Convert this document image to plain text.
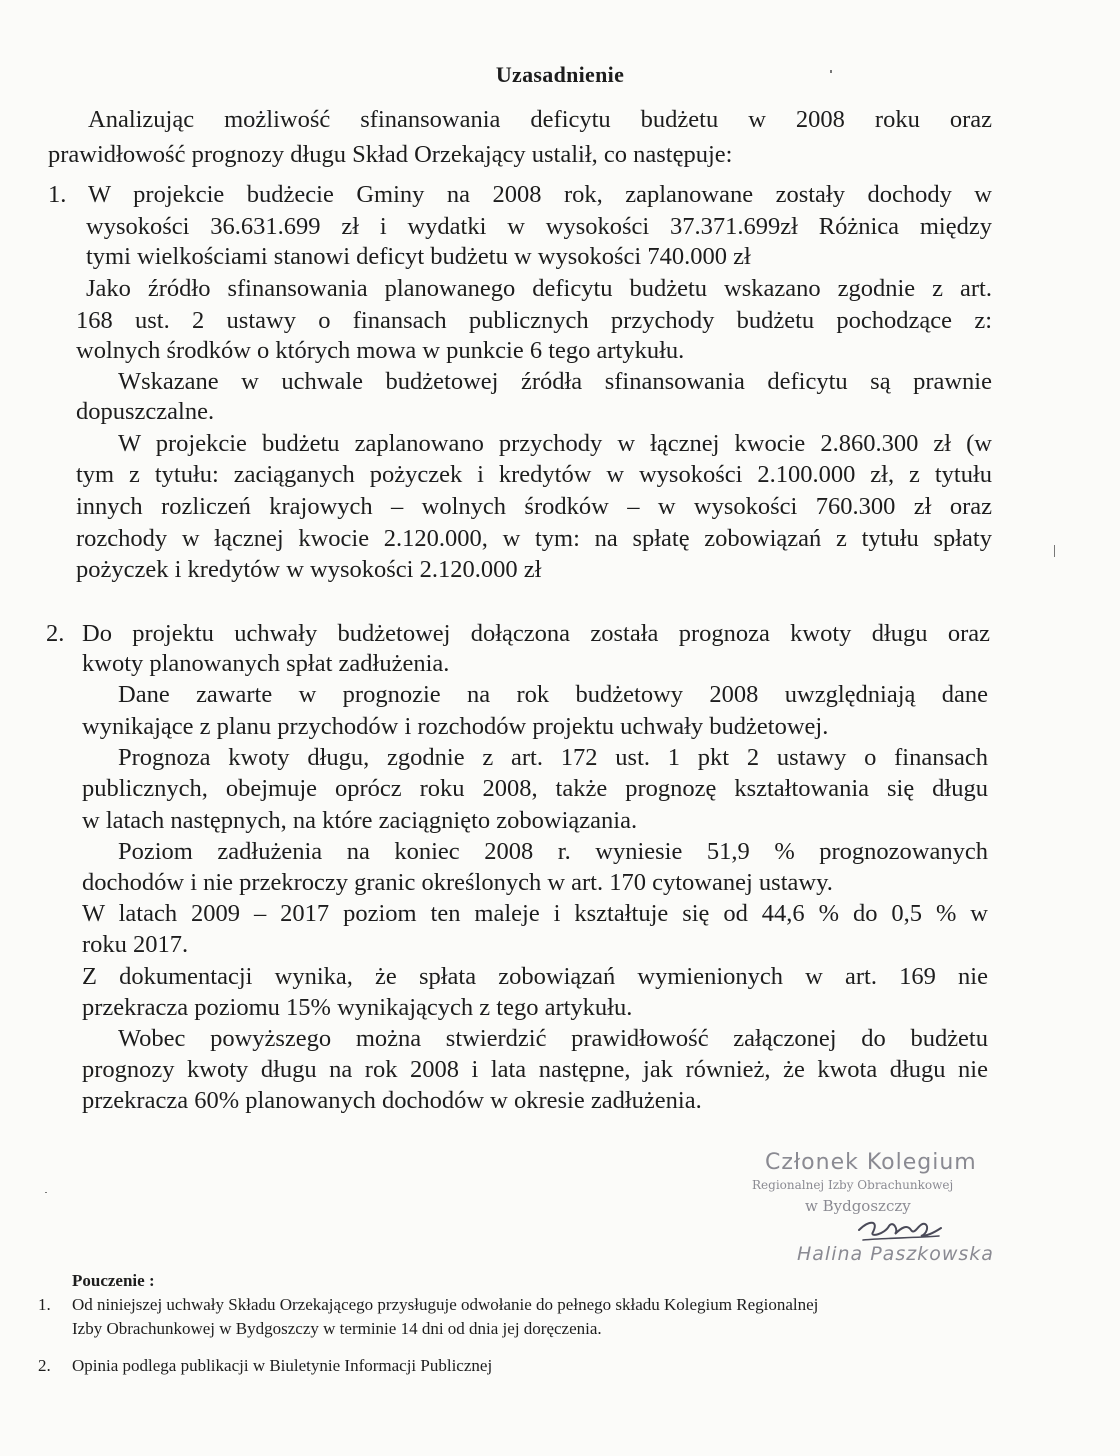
Uzasadnienie
Analizując możliwość sfinansowania deficytu budżetu w 2008 roku oraz
prawidłowość prognozy długu Skład Orzekający ustalił, co następuje:
1. W projekcie budżecie Gminy na 2008 rok, zaplanowane zostały dochody w
wysokości 36.631.699 zł i wydatki w wysokości 37.371.699zł Różnica między
tymi wielkościami stanowi deficyt budżetu w wysokości 740.000 zł
Jako źródło sfinansowania planowanego deficytu budżetu wskazano zgodnie z art.
168 ust. 2 ustawy o finansach publicznych przychody budżetu pochodzące z:
wolnych środków o których mowa w punkcie 6 tego artykułu.
Wskazane w uchwale budżetowej źródła sfinansowania deficytu są prawnie
dopuszczalne.
W projekcie budżetu zaplanowano przychody w łącznej kwocie 2.860.300 zł (w
tym z tytułu: zaciąganych pożyczek i kredytów w wysokości 2.100.000 zł, z tytułu
innych rozliczeń krajowych – wolnych środków – w wysokości 760.300 zł oraz
rozchody w łącznej kwocie 2.120.000, w tym: na spłatę zobowiązań z tytułu spłaty
pożyczek i kredytów w wysokości 2.120.000 zł
2. Do projektu uchwały budżetowej dołączona została prognoza kwoty długu oraz
kwoty planowanych spłat zadłużenia.
Dane zawarte w prognozie na rok budżetowy 2008 uwzględniają dane
wynikające z planu przychodów i rozchodów projektu uchwały budżetowej.
Prognoza kwoty długu, zgodnie z art. 172 ust. 1 pkt 2 ustawy o finansach
publicznych, obejmuje oprócz roku 2008, także prognozę kształtowania się długu
w latach następnych, na które zaciągnięto zobowiązania.
Poziom zadłużenia na koniec 2008 r. wyniesie 51,9 % prognozowanych
dochodów i nie przekroczy granic określonych w art. 170 cytowanej ustawy.
W latach 2009 – 2017 poziom ten maleje i kształtuje się od 44,6 % do 0,5 % w
roku 2017.
Z dokumentacji wynika, że spłata zobowiązań wymienionych w art. 169 nie
przekracza poziomu 15% wynikających z tego artykułu.
Wobec powyższego można stwierdzić prawidłowość załączonej do budżetu
prognozy kwoty długu na rok 2008 i lata następne, jak również, że kwota długu nie
przekracza 60% planowanych dochodów w okresie zadłużenia.
Członek Kolegium
Regionalnej Izby Obrachunkowej
w Bydgoszczy
Halina Paszkowska
Pouczenie :
1. Od niniejszej uchwały Składu Orzekającego przysługuje odwołanie do pełnego składu Kolegium Regionalnej
Izby Obrachunkowej w Bydgoszczy w terminie 14 dni od dnia jej doręczenia.
2. Opinia podlega publikacji w Biuletynie Informacji Publicznej
